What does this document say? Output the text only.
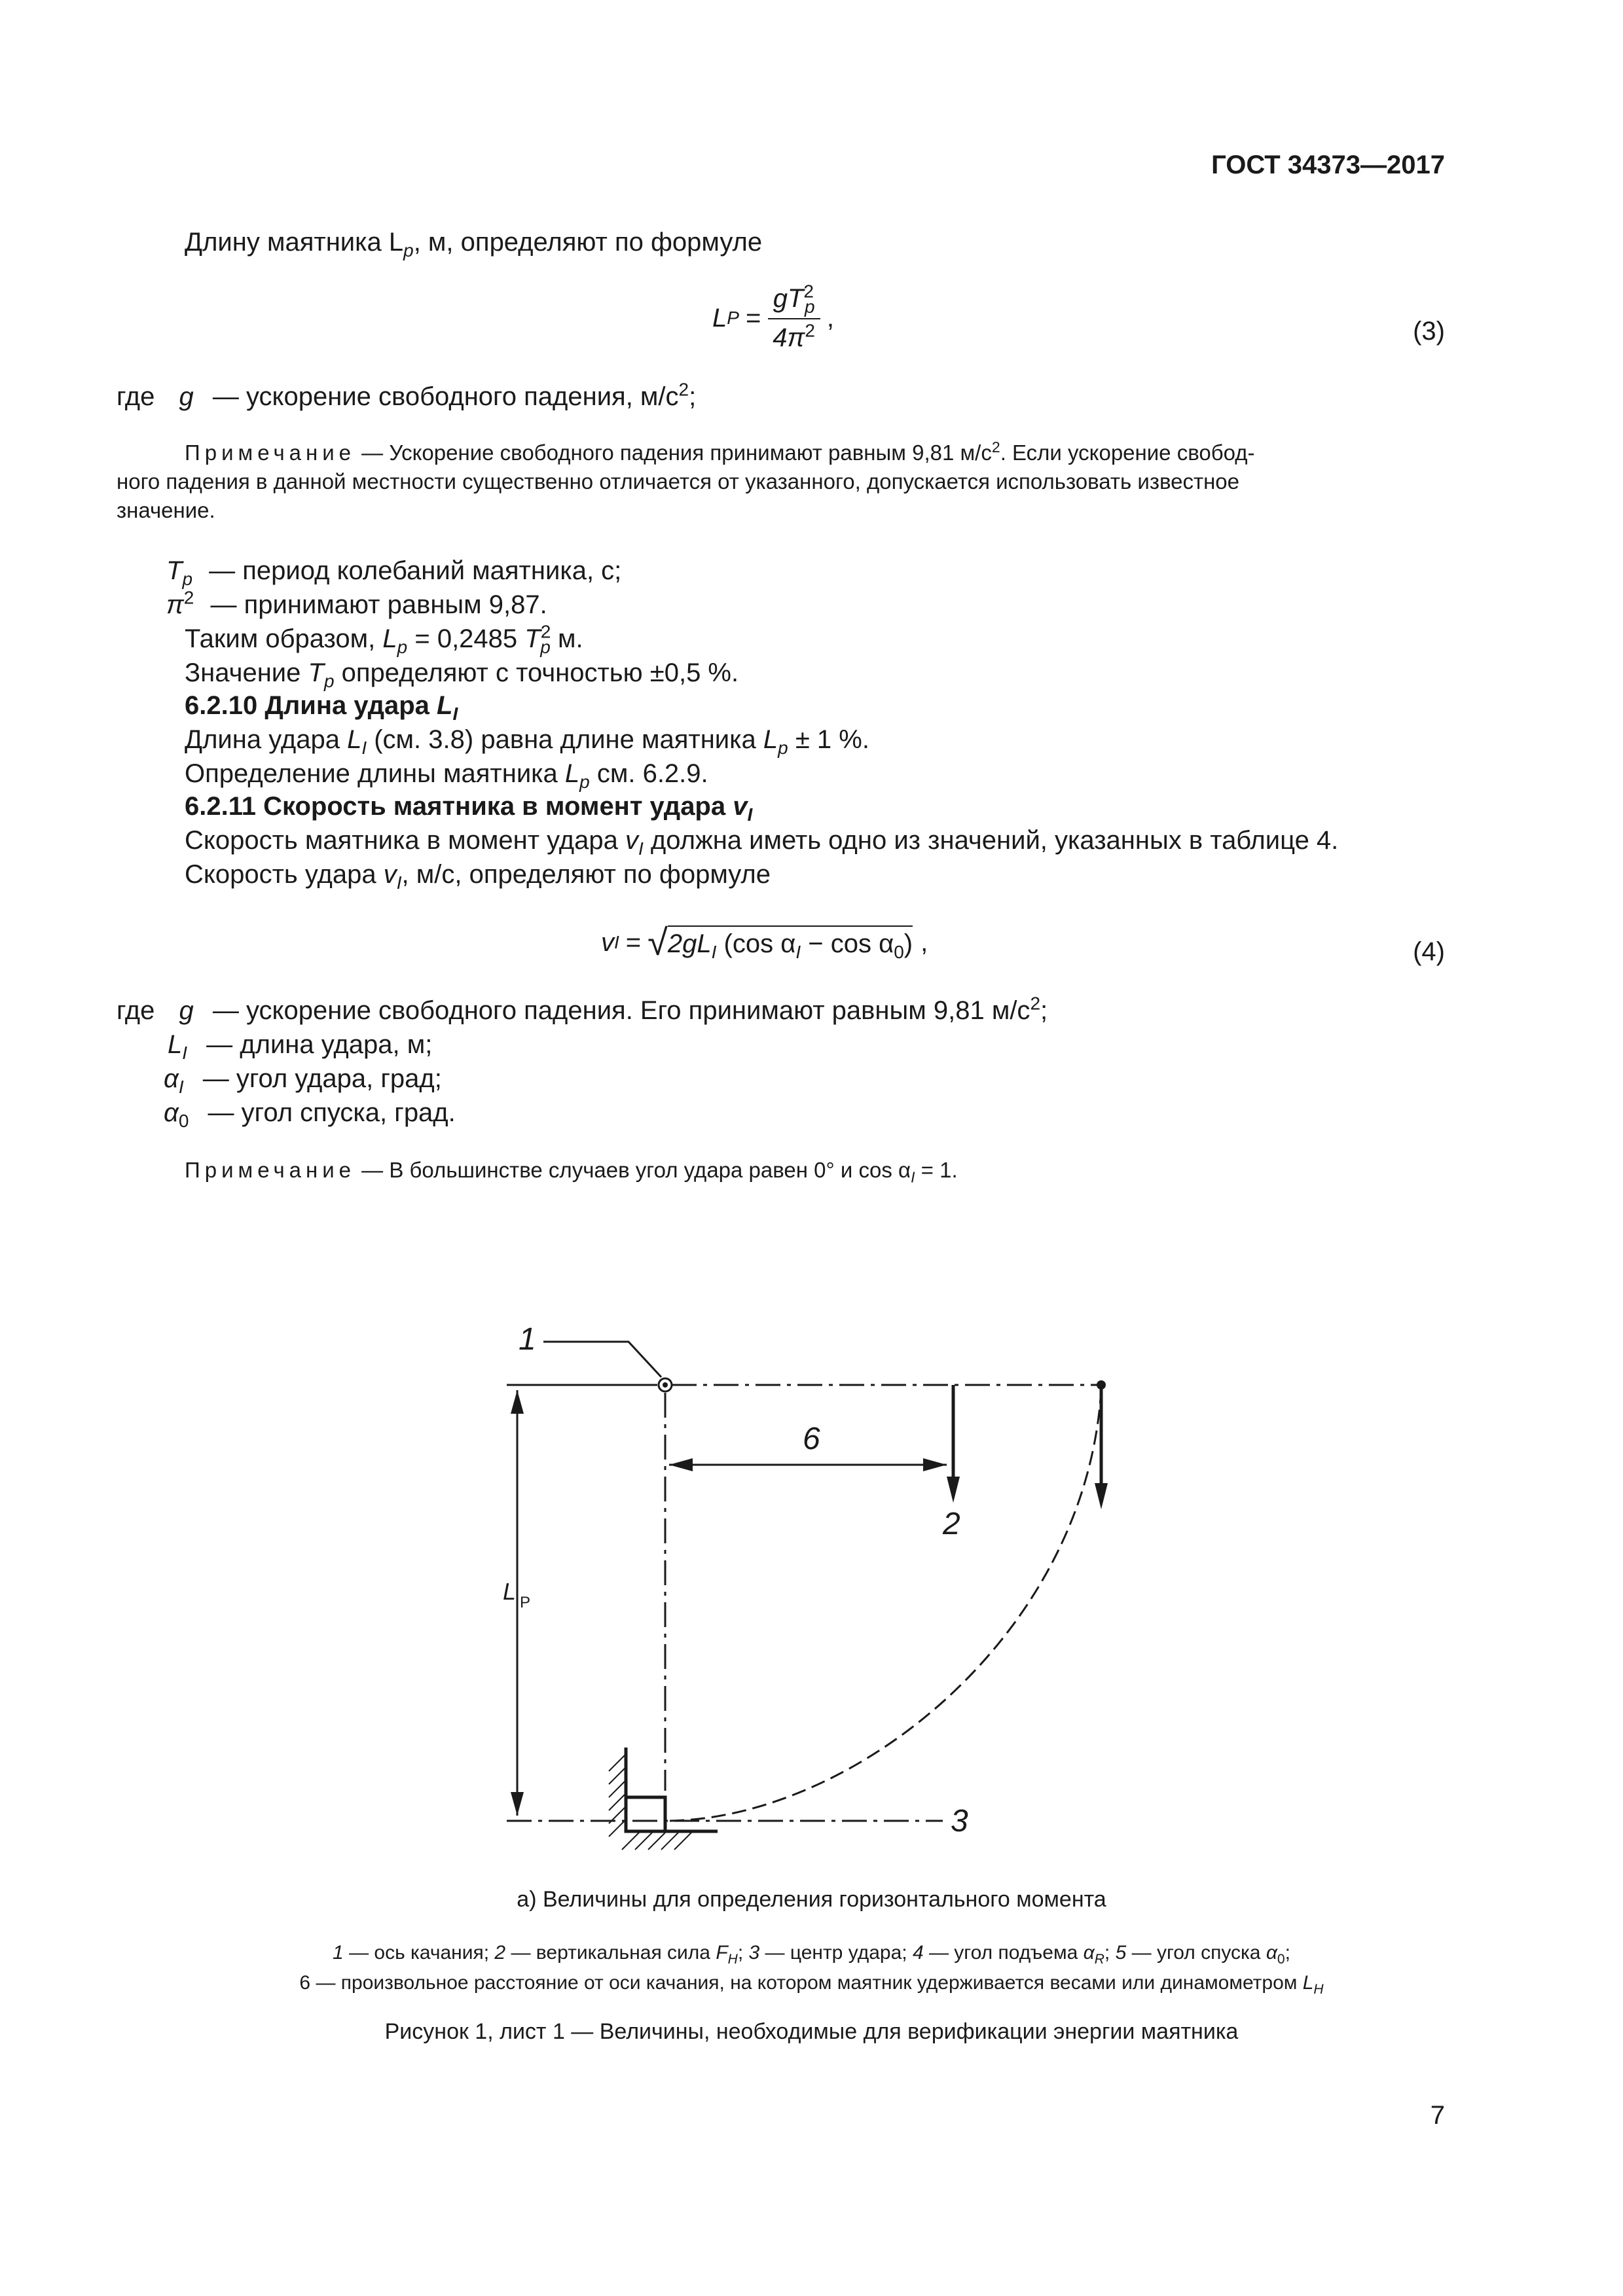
ГОСТ 34373—2017
Длину маятника $L_p$, м, определяют по формуле
L $P = \frac{gT^2_p}{4\pi^2}$ ,	(3)
где g — ускорение свободного падения, $м/с^2$;
Примечание — Ускорение свободного падения принимают равным 9,81 $м/с^2$. Если ускорение свобод-
ного падения в данной местности существенно отличается от указанного, допускается использовать известное
значение.
$T_p$ — период колебаний маятника, с;
$\pi^2$ — принимают равным 9,87.
Таким образом, $L_p = 0,2485$ $T^2_p$ м.
Значение $T_p$ определяют с точностью ±0,5 %.
6.2.10 Длина удара $L_I$
Длина удара $L_I$ (см. 3.8) равна длине маятника $L_p \pm 1$ %.
Определение длины маятника $L_p$ см. 6.2.9.
6.2.11 Скорость маятника в момент удара $v_I$
Скорость маятника в момент удара $v_I$ должна иметь одно из значений, указанных в таблице 4.
Скорость удара $v_I$, м/с, определяют по формуле
v I = √ $2gL_I$ (cos $\alpha_I - \cos \alpha_0$) ,	(4)
где g — ускорение свободного падения. Его принимают равным 9,81 $м/с^2$;
$L_I$ — длина удара, м;
$\alpha_I$ — угол удара, град;
$\alpha_0$ — угол спуска, град.
Примечание — В большинстве случаев угол удара равен 0° и $\cos \alpha_I = 1$.
1
2
3
6
L P
а) Величины для определения горизонтального момента
1 — ось качания; 2 — вертикальная сила $F_H$; 3 — центр удара; 4 — угол подъема $\alpha_R$; 5 — угол спуска $\alpha_0$;
6 — произвольное расстояние от оси качания, на котором маятник удерживается весами или динамометром $L_H$
Рисунок 1, лист 1 — Величины, необходимые для верификации энергии маятника
7
